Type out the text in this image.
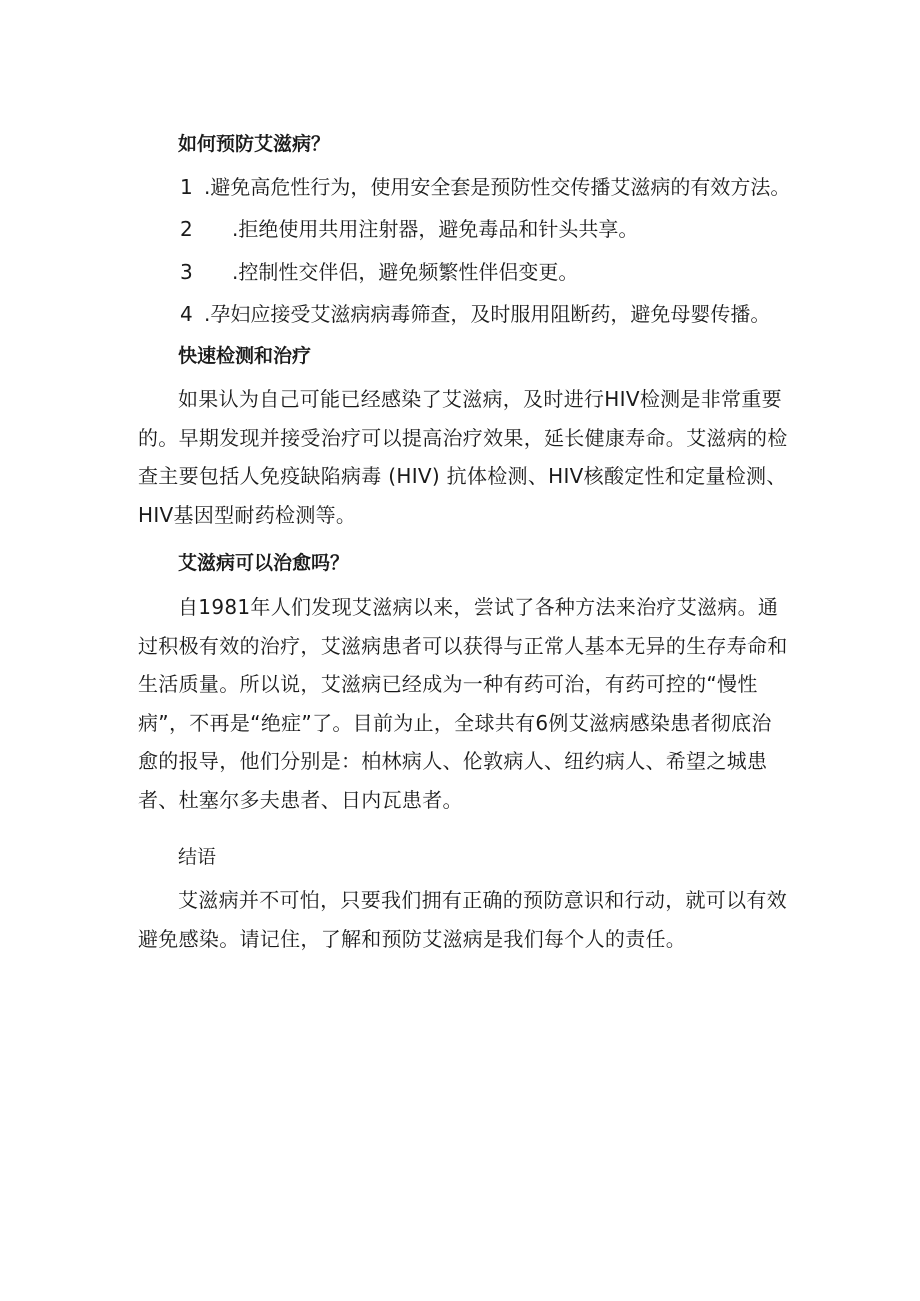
如何预防艾滋病？

1 .避免高危性行为，使用安全套是预防性交传播艾滋病的有效方法。

2 .拒绝使用共用注射器，避免毒品和针头共享。

3 .控制性交伴侣，避免频繁性伴侣变更。

4 .孕妇应接受艾滋病病毒筛查，及时服用阻断药，避免母婴传播。

快速检测和治疗

如果认为自己可能已经感染了艾滋病，及时进行HIV检测是非常重要的。早期发现并接受治疗可以提高治疗效果，延长健康寿命。艾滋病的检查主要包括人免疫缺陷病毒 (HIV) 抗体检测、HIV核酸定性和定量检测、HIV基因型耐药检测等。

艾滋病可以治愈吗？

自1981年人们发现艾滋病以来，尝试了各种方法来治疗艾滋病。通过积极有效的治疗，艾滋病患者可以获得与正常人基本无异的生存寿命和生活质量。所以说，艾滋病已经成为一种有药可治，有药可控的“慢性病”，不再是“绝症”了。目前为止，全球共有6例艾滋病感染患者彻底治愈的报导，他们分别是：柏林病人、伦敦病人、纽约病人、希望之城患者、杜塞尔多夫患者、日内瓦患者。

结语

艾滋病并不可怕，只要我们拥有正确的预防意识和行动，就可以有效避免感染。请记住，了解和预防艾滋病是我们每个人的责任。
